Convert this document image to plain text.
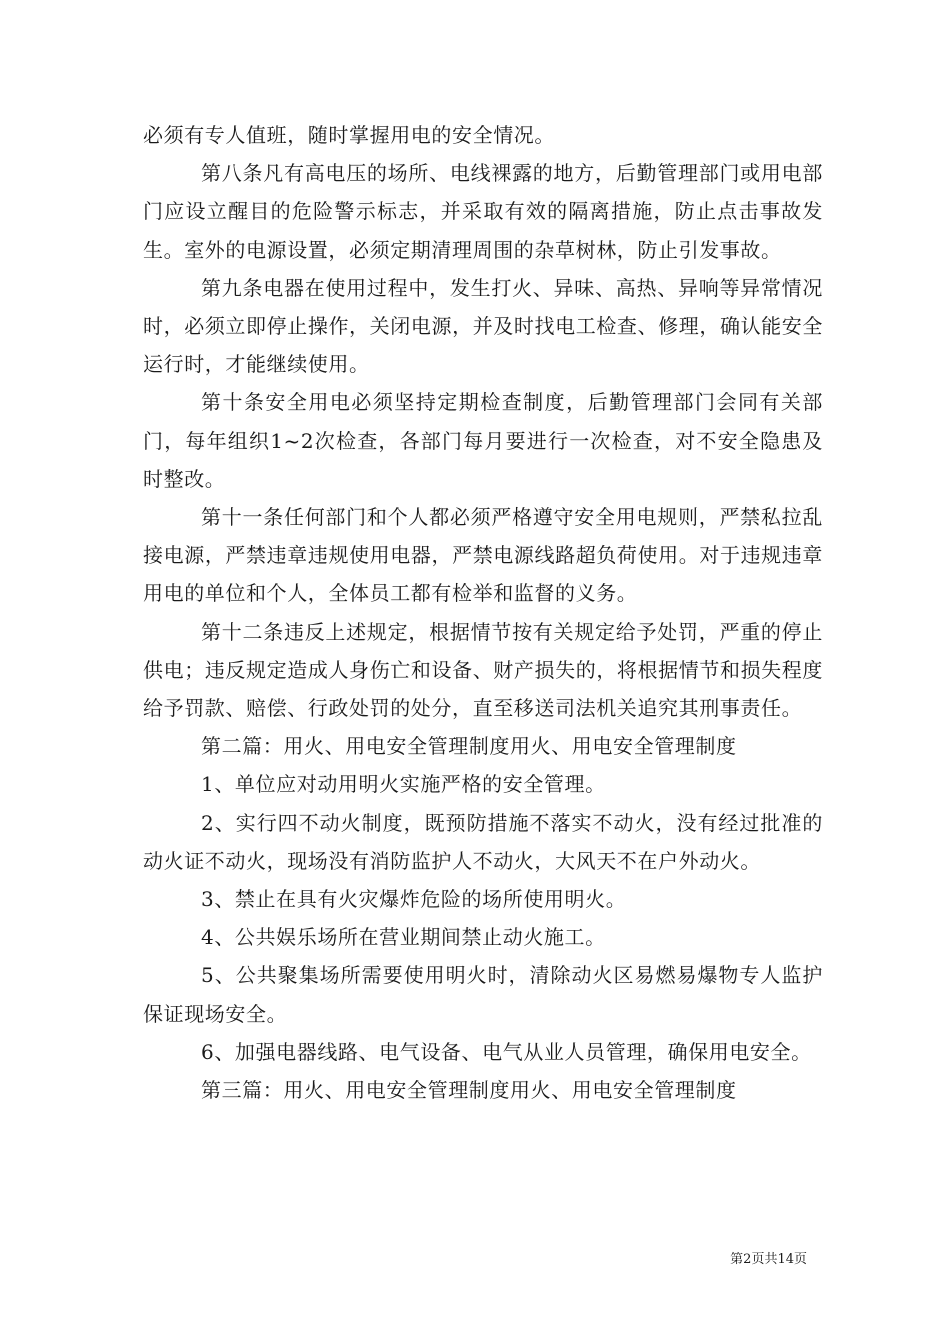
必须有专人值班，随时掌握用电的安全情况。

第八条凡有高电压的场所、电线裸露的地方，后勤管理部门或用电部门应设立醒目的危险警示标志，并采取有效的隔离措施，防止点击事故发生。室外的电源设置，必须定期清理周围的杂草树林，防止引发事故。

第九条电器在使用过程中，发生打火、异味、高热、异响等异常情况时，必须立即停止操作，关闭电源，并及时找电工检查、修理，确认能安全运行时，才能继续使用。

第十条安全用电必须坚持定期检查制度，后勤管理部门会同有关部门，每年组织1~2次检查，各部门每月要进行一次检查，对不安全隐患及时整改。

第十一条任何部门和个人都必须严格遵守安全用电规则，严禁私拉乱接电源，严禁违章违规使用电器，严禁电源线路超负荷使用。对于违规违章用电的单位和个人，全体员工都有检举和监督的义务。

第十二条违反上述规定，根据情节按有关规定给予处罚，严重的停止供电；违反规定造成人身伤亡和设备、财产损失的，将根据情节和损失程度给予罚款、赔偿、行政处罚的处分，直至移送司法机关追究其刑事责任。

第二篇：用火、用电安全管理制度用火、用电安全管理制度

1、单位应对动用明火实施严格的安全管理。

2、实行四不动火制度，既预防措施不落实不动火，没有经过批准的动火证不动火，现场没有消防监护人不动火，大风天不在户外动火。

3、禁止在具有火灾爆炸危险的场所使用明火。

4、公共娱乐场所在营业期间禁止动火施工。

5、公共聚集场所需要使用明火时，清除动火区易燃易爆物专人监护保证现场安全。

6、加强电器线路、电气设备、电气从业人员管理，确保用电安全。

第三篇：用火、用电安全管理制度用火、用电安全管理制度

第2页共14页
